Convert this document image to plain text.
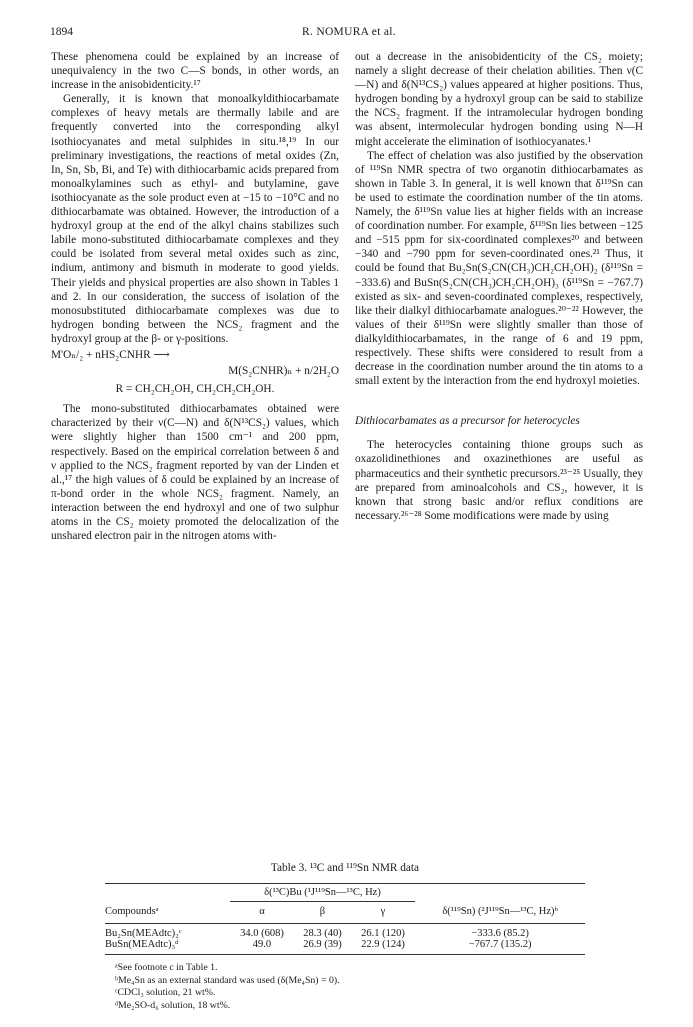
1894	R. NOMURA et al.

These phenomena could be explained by an increase of unequivalency in the two C—S bonds, in other words, an increase in the anisobidenticity.¹⁷

Generally, it is known that monoalkyldithiocarbamate complexes of heavy metals are thermally labile and are frequently converted into the corresponding alkyl isothiocyanates and metal sulphides in situ.¹⁸,¹⁹ In our preliminary investigations, the reactions of metal oxides (Zn, In, Sn, Sb, Bi, and Te) with dithiocarbamic acids prepared from monoalkylamines such as ethyl- and butylamine, gave isothiocyanate as the sole product even at −15 to −10°C and no dithiocarbamate was obtained. However, the introduction of a hydroxyl group at the end of the alkyl chains stabilizes such labile mono-substituted dithiocarbamate complexes and they could be isolated from several metal oxides such as zinc, indium, antimony and bismuth in moderate to good yields. Their yields and physical properties are also shown in Tables 1 and 2. In our consideration, the success of isolation of the monosubstituted dithiocarbamate complexes was due to hydrogen bonding between the NCS₂ fragment and the hydroxyl group at the β- or γ-positions.

M'Oₙ/₂ + nHS₂CNHR ⟶
M(S₂CNHR)ₙ + n/2H₂O
R = CH₂CH₂OH, CH₂CH₂CH₂OH.

The mono-substituted dithiocarbamates obtained were characterized by their ν(C—N) and δ(N¹³CS₂) values, which were slightly higher than 1500 cm⁻¹ and 200 ppm, respectively. Based on the empirical correlation between δ and ν applied to the NCS₂ fragment reported by van der Linden et al.,¹⁷ the high values of δ could be explained by an increase of π-bond order in the whole NCS₂ fragment. Namely, an interaction between the end hydroxyl and one of two sulphur atoms in the CS₂ moiety promoted the delocalization of the unshared electron pair in the nitrogen atoms with-

out a decrease in the anisobidenticity of the CS₂ moiety; namely a slight decrease of their chelation abilities. Then ν(C—N) and δ(N¹³CS₂) values appeared at higher positions. Thus, hydrogen bonding by a hydroxyl group can be said to stabilize the NCS₂ fragment. If the intramolecular hydrogen bonding was absent, intermolecular hydrogen bonding using N—H might accelerate the elimination of isothiocyanates.¹

The effect of chelation was also justified by the observation of ¹¹⁹Sn NMR spectra of two organotin dithiocarbamates as shown in Table 3. In general, it is well known that δ¹¹⁹Sn can be used to estimate the coordination number of the tin atoms. Namely, the δ¹¹⁹Sn value lies at higher fields with an increase of coordination number. For example, δ¹¹⁹Sn lies between −125 and −515 ppm for six-coordinated complexes²⁰ and between −340 and −790 ppm for seven-coordinated ones.²¹ Thus, it could be found that Bu₂Sn(S₂CN(CH₃)CH₂CH₂OH)₂ (δ¹¹⁹Sn = −333.6) and BuSn(S₂CN(CH₃)CH₂CH₂OH)₃ (δ¹¹⁹Sn = −767.7) existed as six- and seven-coordinated complexes, respectively, like their dialkyl dithiocarbamate analogues.²⁰⁻²² However, the values of their δ¹¹⁹Sn were slightly smaller than those of dialkyldithiocarbamates, in the range of 6 and 19 ppm, respectively. These shifts were considered to result from a decrease in the coordination number around the tin atoms to a small extent by the interaction from the end hydroxyl moieties.

Dithiocarbamates as a precursor for heterocycles

The heterocycles containing thione groups such as oxazolidinethiones and oxazinethiones are useful as pharmaceutics and their synthetic precursors.²³⁻²⁵ Usually, they are prepared from aminoalcohols and CS₂, however, it is known that strong basic and/or reflux conditions are necessary.²⁶⁻²⁸ Some modifications were made by using

Table 3. ¹³C and ¹¹⁹Sn NMR data
	δ(¹³C)Bu (¹J¹¹⁹Sn—¹³C, Hz)			
Compoundsᵃ	α	β	γ	δ(¹¹⁹Sn) (²J¹¹⁹Sn—¹³C, Hz)ᵇ
Bu₂Sn(MEAdtc)₂ᶜ	34.0 (608)	28.3 (40)	26.1 (120)	−333.6 (85.2)
BuSn(MEAdtc)₃ᵈ	49.0	26.9 (39)	22.9 (124)	−767.7 (135.2)
ᵃSee footnote c in Table 1.
ᵇMe₄Sn as an external standard was used (δ(Me₄Sn) = 0).
ᶜCDCl₃ solution, 21 wt%.
ᵈMe₂SO-d₆ solution, 18 wt%.
